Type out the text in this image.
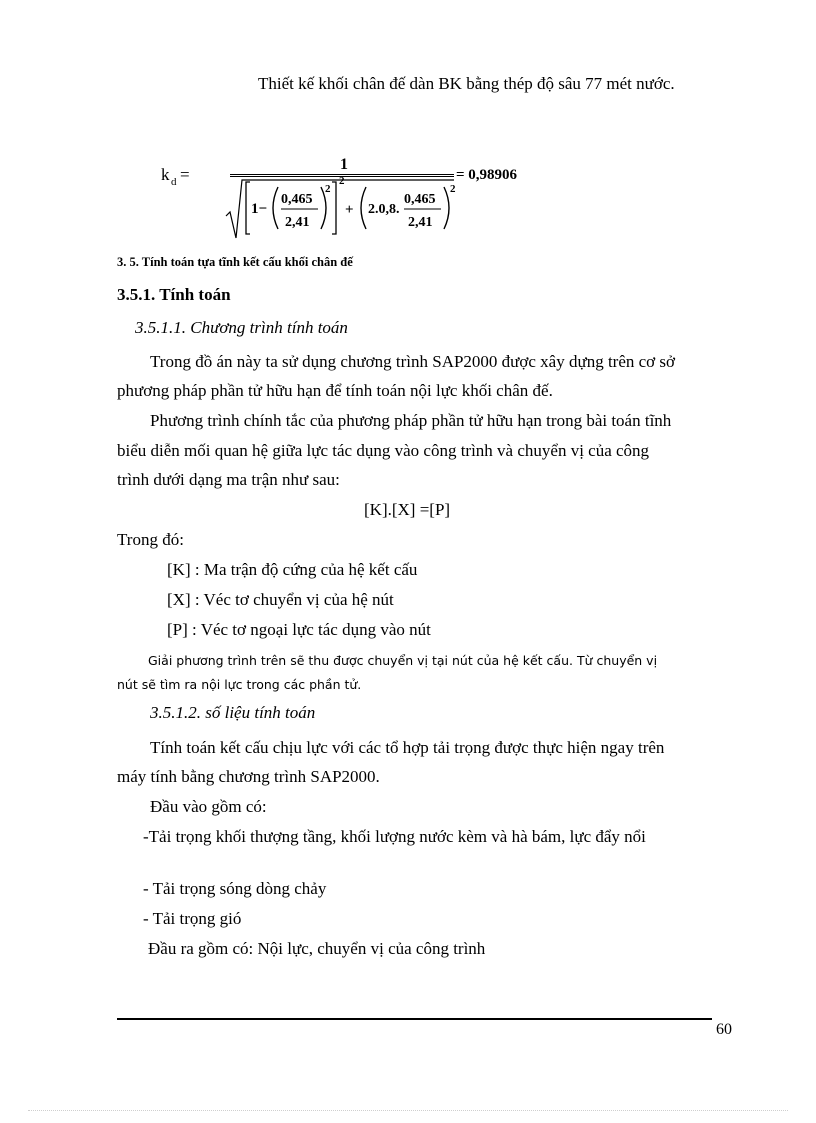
Thiết kế khối chân đế dàn BK bằng thép độ sâu 77 mét nước.
k d =
1
1−
0,465
2,41
2
2
+ 2.0,8.
0,465
2,41
2
= 0,98906
3. 5. Tính toán tựa tĩnh kết cấu khối chân đế
3.5.1. Tính toán
3.5.1.1. Chương trình tính toán
Trong đồ án này ta sử dụng chương trình SAP2000 được xây dựng trên cơ sở
phương pháp phần tử hữu hạn để tính toán nội lực khối chân đế.
Phương trình chính tắc của phương pháp phần tử hữu hạn trong bài toán tĩnh
biểu diễn mối quan hệ giữa lực tác dụng vào công trình và chuyển vị của công
trình dưới dạng ma trận như sau:
[K].[X] =[P]
Trong đó:
[K] : Ma trận độ cứng của hệ kết cấu
[X] : Véc tơ chuyển vị của hệ nút
[P] : Véc tơ ngoại lực tác dụng vào nút
Giải phương trình trên sẽ thu được chuyển vị tại nút của hệ kết cấu. Từ chuyển vị
nút sẽ tìm ra nội lực trong các phần tử.
3.5.1.2. số liệu tính toán
Tính toán kết cấu chịu lực với các tổ hợp tải trọng được thực hiện ngay trên
máy tính bằng chương trình SAP2000.
Đầu vào gồm có:
-Tải trọng khối thượng tầng, khối lượng nước kèm và hà bám, lực đẩy nổi
- Tải trọng sóng dòng chảy
- Tải trọng gió
Đầu ra gồm có: Nội lực, chuyển vị của công trình
60
